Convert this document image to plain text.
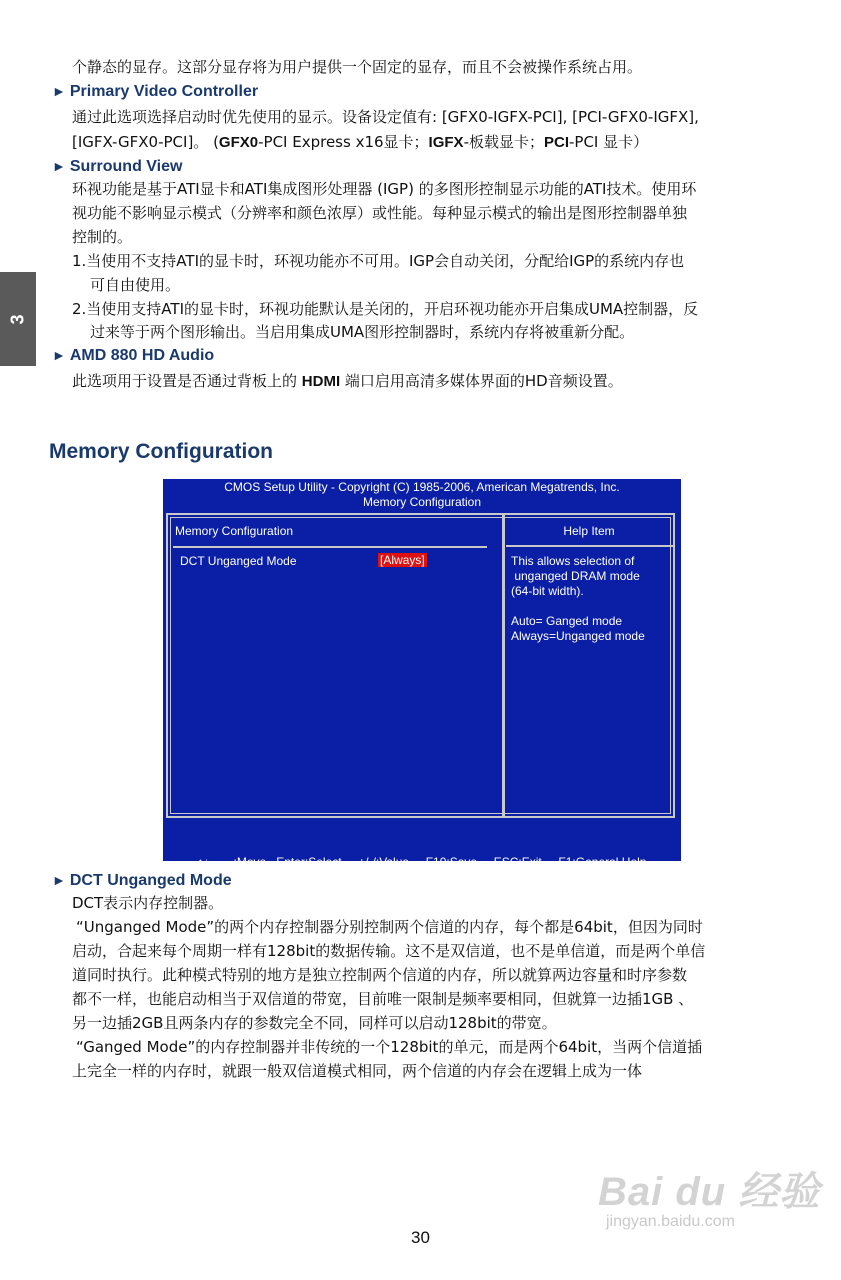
3
个静态的显存。这部分显存将为用户提供一个固定的显存，而且不会被操作系统占用。
► Primary Video Controller
通过此选项选择启动时优先使用的显示。设备设定值有: [GFX0-IGFX-PCI], [PCI-GFX0-IGFX],
[IGFX-GFX0-PCI]。 (GFX0-PCI Express x16显卡；IGFX-板载显卡；PCI-PCI 显卡）
► Surround View
环视功能是基于ATI显卡和ATI集成图形处理器 (IGP) 的多图形控制显示功能的ATI技术。使用环
视功能不影响显示模式（分辨率和颜色浓厚）或性能。每种显示模式的输出是图形控制器单独
控制的。
1.当使用不支持ATI的显卡时，环视功能亦不可用。IGP会自动关闭，分配给IGP的系统内存也
可自由使用。
2.当使用支持ATI的显卡时，环视功能默认是关闭的，开启环视功能亦开启集成UMA控制器，反
过来等于两个图形输出。当启用集成UMA图形控制器时，系统内存将被重新分配。
► AMD 880 HD Audio
此选项用于设置是否通过背板上的 HDMI 端口启用高清多媒体界面的HD音频设置。
Memory Configuration
CMOS Setup Utility - Copyright (C) 1985-2006, American Megatrends, Inc.
Memory Configuration
Memory Configuration	Help Item
DCT Unganged Mode	[Always]	This allows selection of
unganged DRAM mode
(64-bit width).

Auto= Ganged mode
Always=Unganged mode

↑↓←→:Move   Enter:Select     +/-/:Value     F10:Save     ESC:Exit     F1:General Help

F9:Optimized Defaults

► DCT Unganged Mode
DCT表示内存控制器。
“Unganged Mode”的两个内存控制器分别控制两个信道的内存，每个都是64bit，但因为同时
启动，合起来每个周期一样有128bit的数据传输。这不是双信道，也不是单信道，而是两个单信
道同时执行。此种模式特别的地方是独立控制两个信道的内存，所以就算两边容量和时序参数
都不一样，也能启动相当于双信道的带宽，目前唯一限制是频率要相同，但就算一边插1GB 、
另一边插2GB且两条内存的参数完全不同，同样可以启动128bit的带宽。
“Ganged Mode”的内存控制器并非传统的一个128bit的单元，而是两个64bit，当两个信道插
上完全一样的内存时，就跟一般双信道模式相同，两个信道的内存会在逻辑上成为一体
Bai du 经验
jingyan.baidu.com
30
